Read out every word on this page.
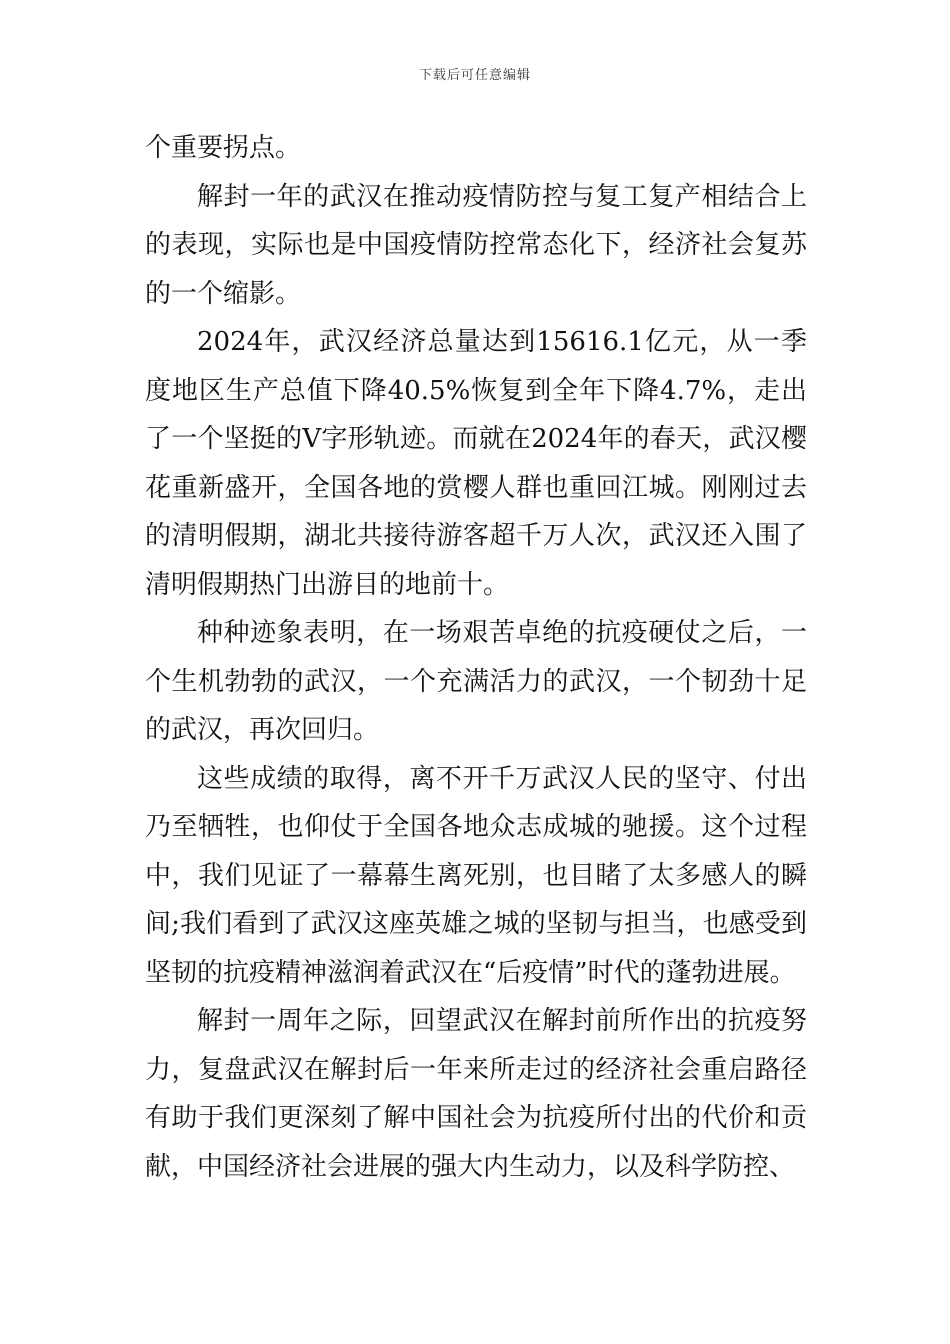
下载后可任意编辑

个重要拐点。

解封一年的武汉在推动疫情防控与复工复产相结合上的表现，实际也是中国疫情防控常态化下，经济社会复苏的一个缩影。

2024年，武汉经济总量达到15616.1亿元，从一季度地区生产总值下降40.5%恢复到全年下降4.7%，走出了一个坚挺的V字形轨迹。而就在2024年的春天，武汉樱花重新盛开，全国各地的赏樱人群也重回江城。刚刚过去的清明假期，湖北共接待游客超千万人次，武汉还入围了清明假期热门出游目的地前十。

种种迹象表明，在一场艰苦卓绝的抗疫硬仗之后，一个生机勃勃的武汉，一个充满活力的武汉，一个韧劲十足的武汉，再次回归。

这些成绩的取得，离不开千万武汉人民的坚守、付出乃至牺牲，也仰仗于全国各地众志成城的驰援。这个过程中，我们见证了一幕幕生离死别，也目睹了太多感人的瞬间;我们看到了武汉这座英雄之城的坚韧与担当，也感受到坚韧的抗疫精神滋润着武汉在“后疫情”时代的蓬勃进展。

解封一周年之际，回望武汉在解封前所作出的抗疫努力，复盘武汉在解封后一年来所走过的经济社会重启路径有助于我们更深刻了解中国社会为抗疫所付出的代价和贡献，中国经济社会进展的强大内生动力，以及科学防控、
